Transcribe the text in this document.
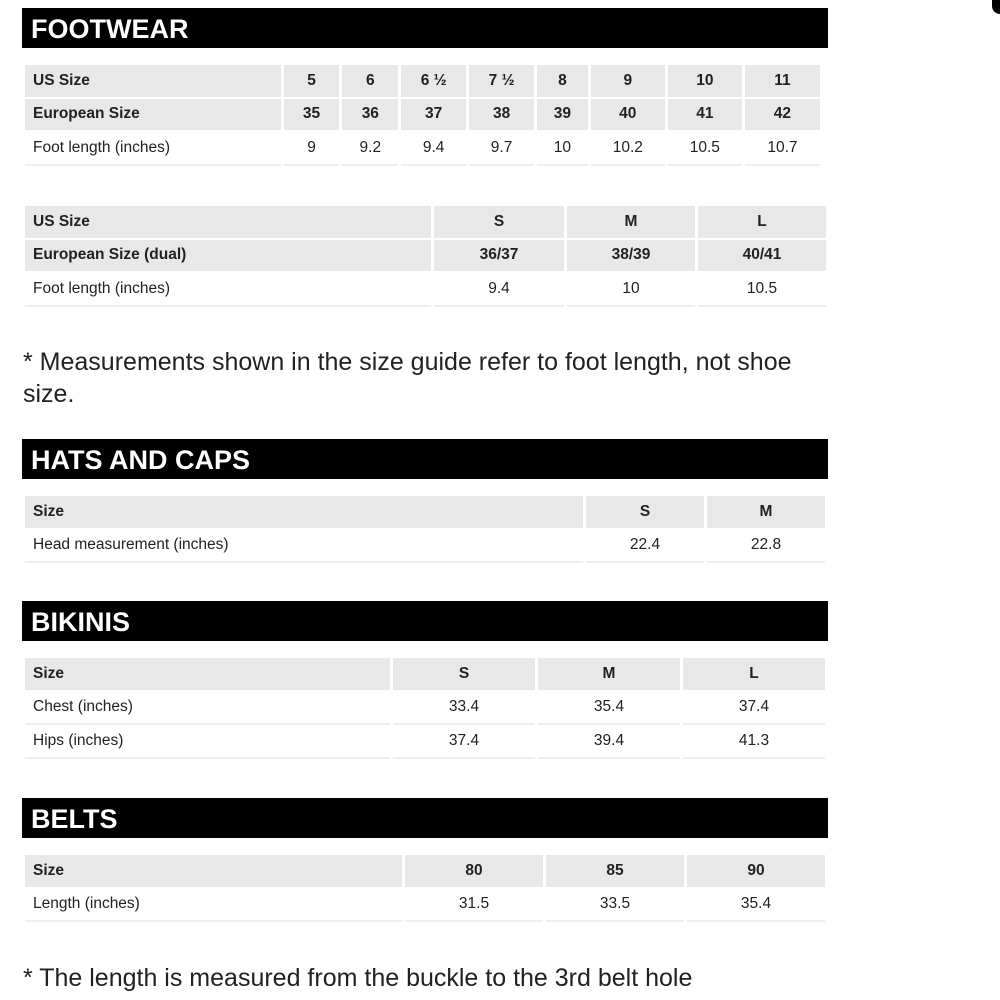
FOOTWEAR
US Size	5	6	6 ½	7 ½	8	9	10	11
European Size	35	36	37	38	39	40	41	42
Foot length (inches)	9	9.2	9.4	9.7	10	10.2	10.5	10.7
US Size	S	M	L
European Size (dual)	36/37	38/39	40/41
Foot length (inches)	9.4	10	10.5
* Measurements shown in the size guide refer to foot length, not shoe size.
HATS AND CAPS
Size	S	M
Head measurement (inches)	22.4	22.8
BIKINIS
Size	S	M	L
Chest (inches)	33.4	35.4	37.4
Hips (inches)	37.4	39.4	41.3
BELTS
Size	80	85	90
Length (inches)	31.5	33.5	35.4
* The length is measured from the buckle to the 3rd belt hole
